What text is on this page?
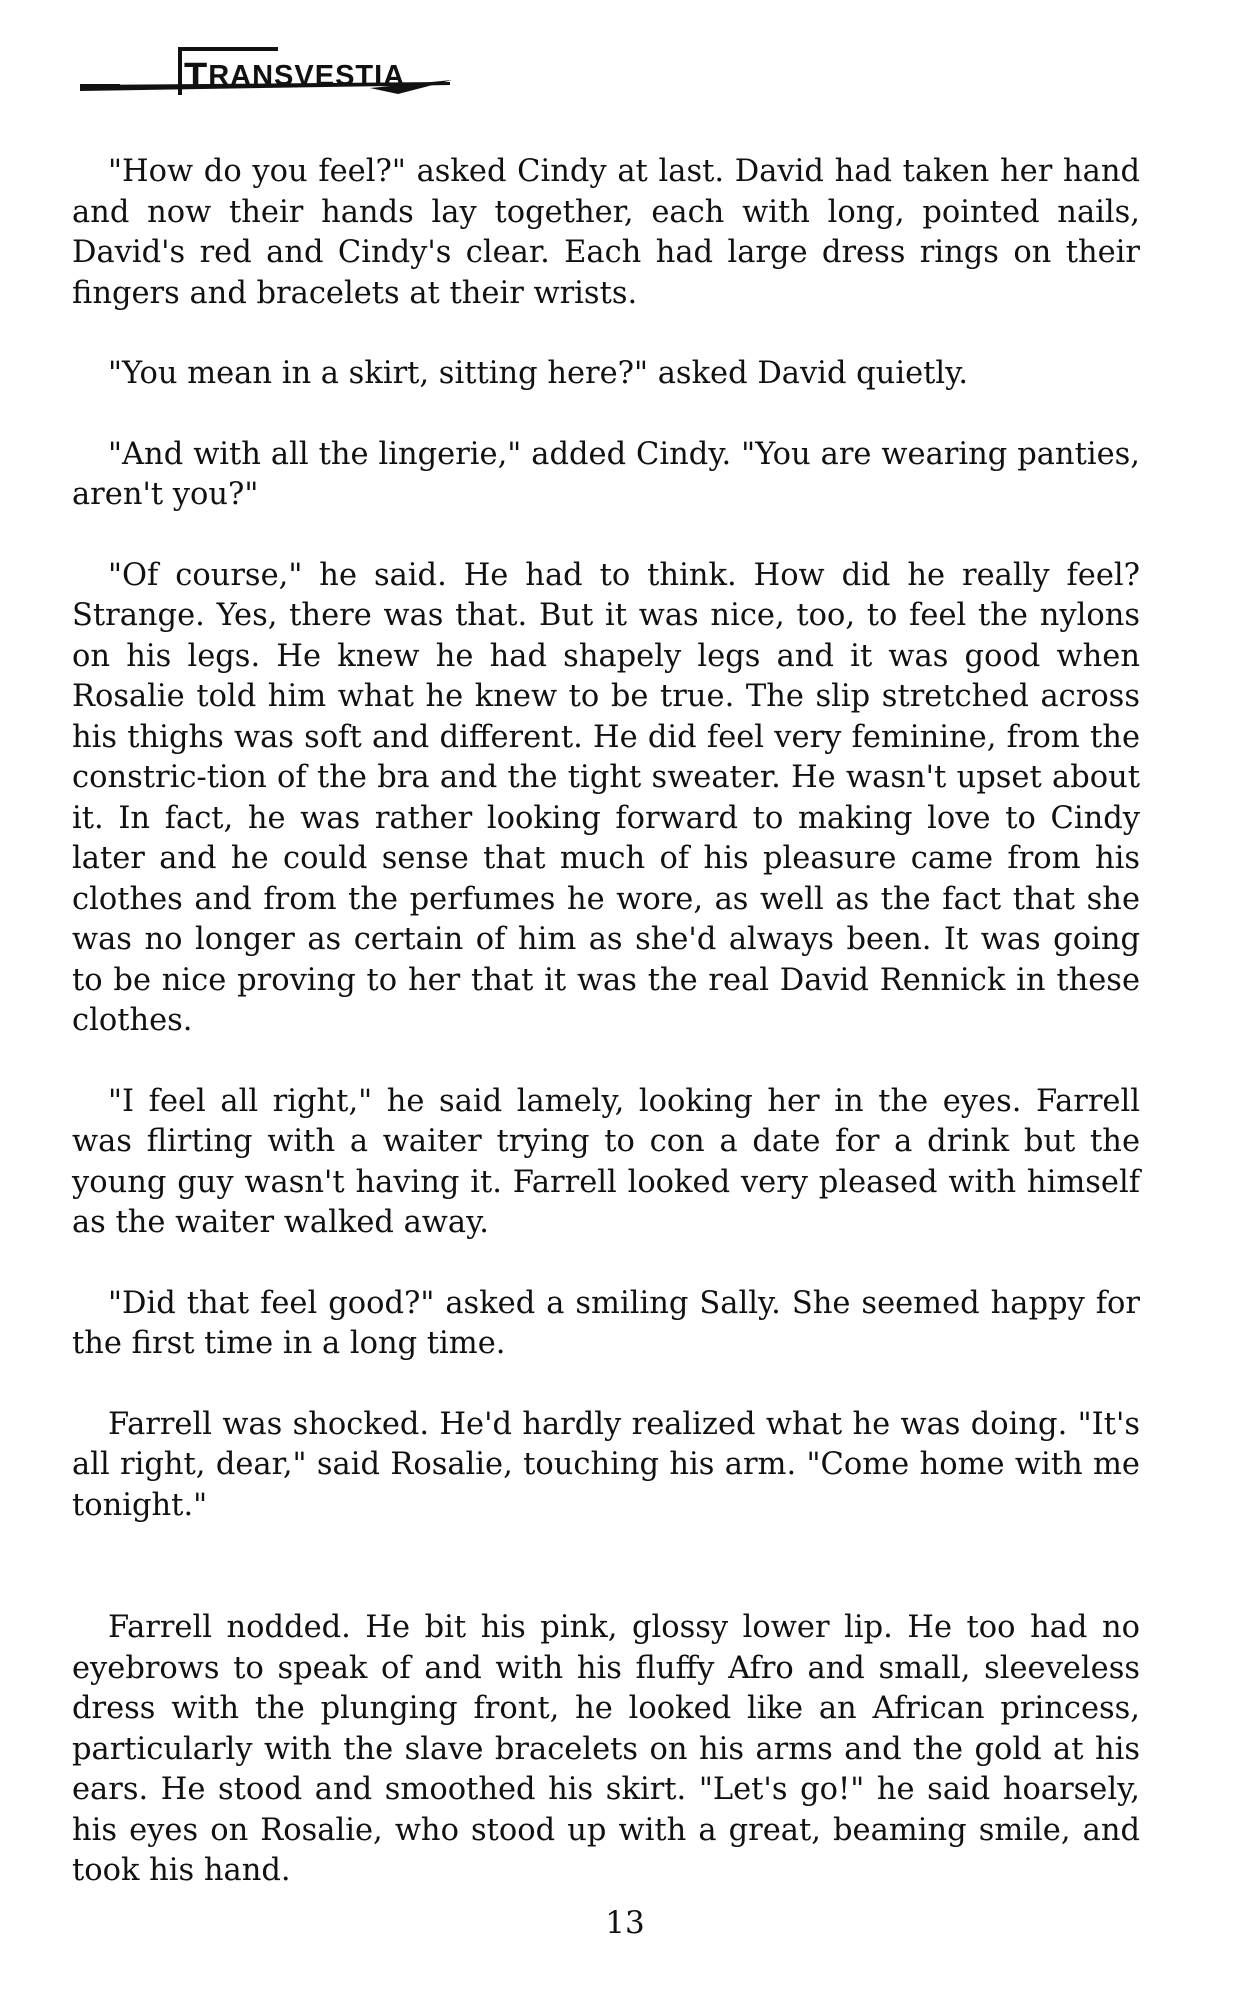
TRANSVESTIA

"How do you feel?" asked Cindy at last. David had taken her hand and now their hands lay together, each with long, pointed nails, David's red and Cindy's clear. Each had large dress rings on their fingers and bracelets at their wrists.

"You mean in a skirt, sitting here?" asked David quietly.

"And with all the lingerie," added Cindy. "You are wearing panties, aren't you?"

"Of course," he said. He had to think. How did he really feel? Strange. Yes, there was that. But it was nice, too, to feel the nylons on his legs. He knew he had shapely legs and it was good when Rosalie told him what he knew to be true. The slip stretched across his thighs was soft and different. He did feel very feminine, from the constric-tion of the bra and the tight sweater. He wasn't upset about it. In fact, he was rather looking forward to making love to Cindy later and he could sense that much of his pleasure came from his clothes and from the perfumes he wore, as well as the fact that she was no longer as certain of him as she'd always been. It was going to be nice proving to her that it was the real David Rennick in these clothes.

"I feel all right," he said lamely, looking her in the eyes. Farrell was flirting with a waiter trying to con a date for a drink but the young guy wasn't having it. Farrell looked very pleased with himself as the waiter walked away.

"Did that feel good?" asked a smiling Sally. She seemed happy for the first time in a long time.

Farrell was shocked. He'd hardly realized what he was doing. "It's all right, dear," said Rosalie, touching his arm. "Come home with me tonight."

Farrell nodded. He bit his pink, glossy lower lip. He too had no eyebrows to speak of and with his fluffy Afro and small, sleeveless dress with the plunging front, he looked like an African princess, particularly with the slave bracelets on his arms and the gold at his ears. He stood and smoothed his skirt. "Let's go!" he said hoarsely, his eyes on Rosalie, who stood up with a great, beaming smile, and took his hand.

13
